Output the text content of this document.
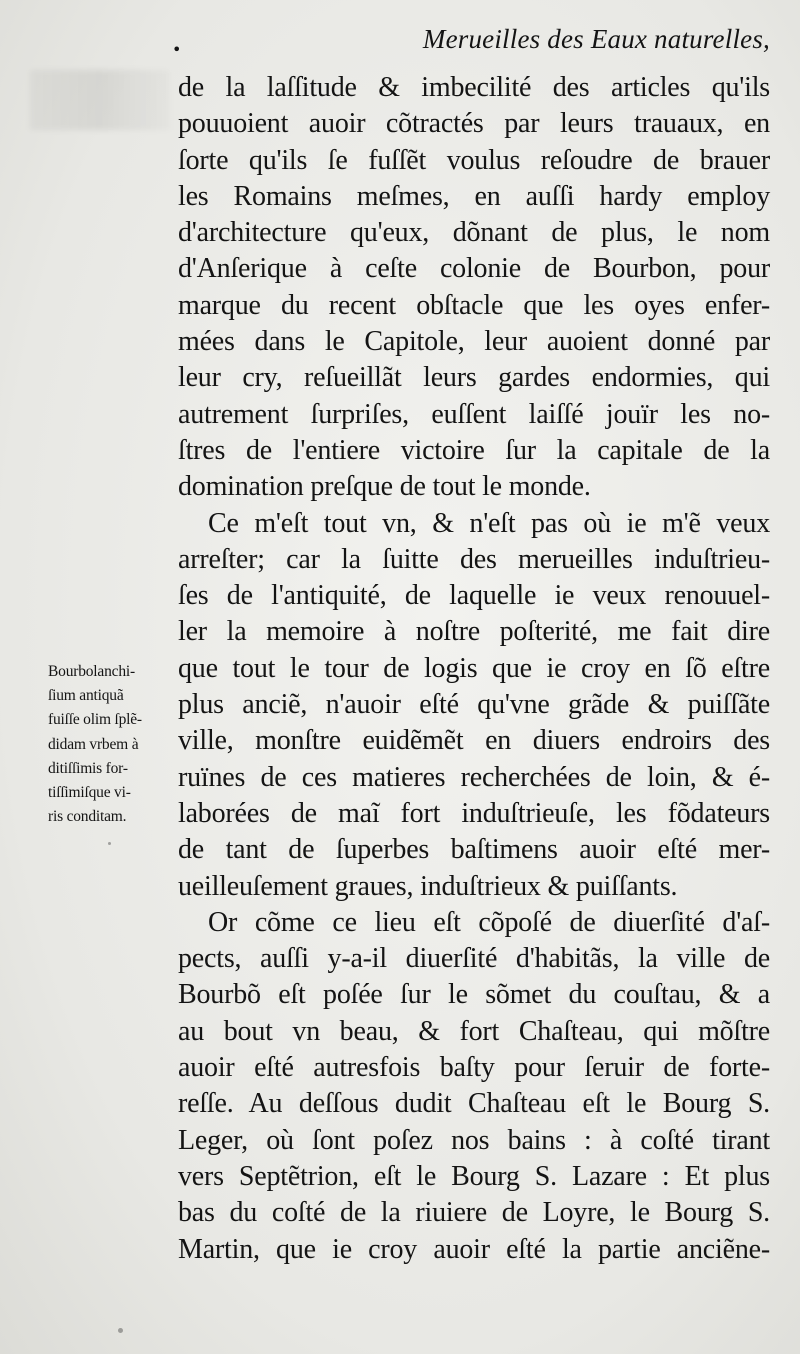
•	Merueilles des Eaux naturelles,
de la laſſitude & imbecilité des articles qu'ils
pouuoient auoir cõtractés par leurs trauaux, en
ſorte qu'ils ſe fuſſẽt voulus reſoudre de brauer
les Romains meſmes, en auſſi hardy employ
d'architecture qu'eux, dõnant de plus, le nom
d'Anſerique à ceſte colonie de Bourbon, pour
marque du recent obſtacle que les oyes enfer-
mées dans le Capitole, leur auoient donné par
leur cry, reſueillãt leurs gardes endormies, qui
autrement ſurpriſes, euſſent laiſſé jouïr les no-
ſtres de l'entiere victoire ſur la capitale de la
domination preſque de tout le monde.
Ce m'eſt tout vn, & n'eſt pas où ie m'ẽ veux
arreſter; car la ſuitte des merueilles induſtrieu-
ſes de l'antiquité, de laquelle ie veux renouuel-
ler la memoire à noſtre poſterité, me fait dire
que tout le tour de logis que ie croy en ſõ eſtre
plus anciẽ, n'auoir eſté qu'vne grãde & puiſſãte
ville, monſtre euidẽmẽt en diuers endroirs des
ruïnes de ces matieres recherchées de loin, & é-
laborées de maĩ fort induſtrieuſe, les fõdateurs
de tant de ſuperbes baſtimens auoir eſté mer-
ueilleuſement graues, induſtrieux & puiſſants.
Or cõme ce lieu eſt cõpoſé de diuerſité d'aſ-
pects, auſſi y-a-il diuerſité d'habitãs, la ville de
Bourbõ eſt poſée ſur le sõmet du couſtau, & a
au bout vn beau, & fort Chaſteau, qui mõſtre
auoir eſté autresfois baſty pour ſeruir de forte-
reſſe. Au deſſous dudit Chaſteau eſt le Bourg S.
Leger, où ſont poſez nos bains : à coſté tirant
vers Septẽtrion, eſt le Bourg S. Lazare : Et plus
bas du coſté de la riuiere de Loyre, le Bourg S.
Martin, que ie croy auoir eſté la partie anciẽne-
Bourbolanchi-
ſium antiquã
fuiſſe olim ſplẽ-
didam vrbem à
ditiſſimis for-
tiſſimiſque vi-
ris conditam.
